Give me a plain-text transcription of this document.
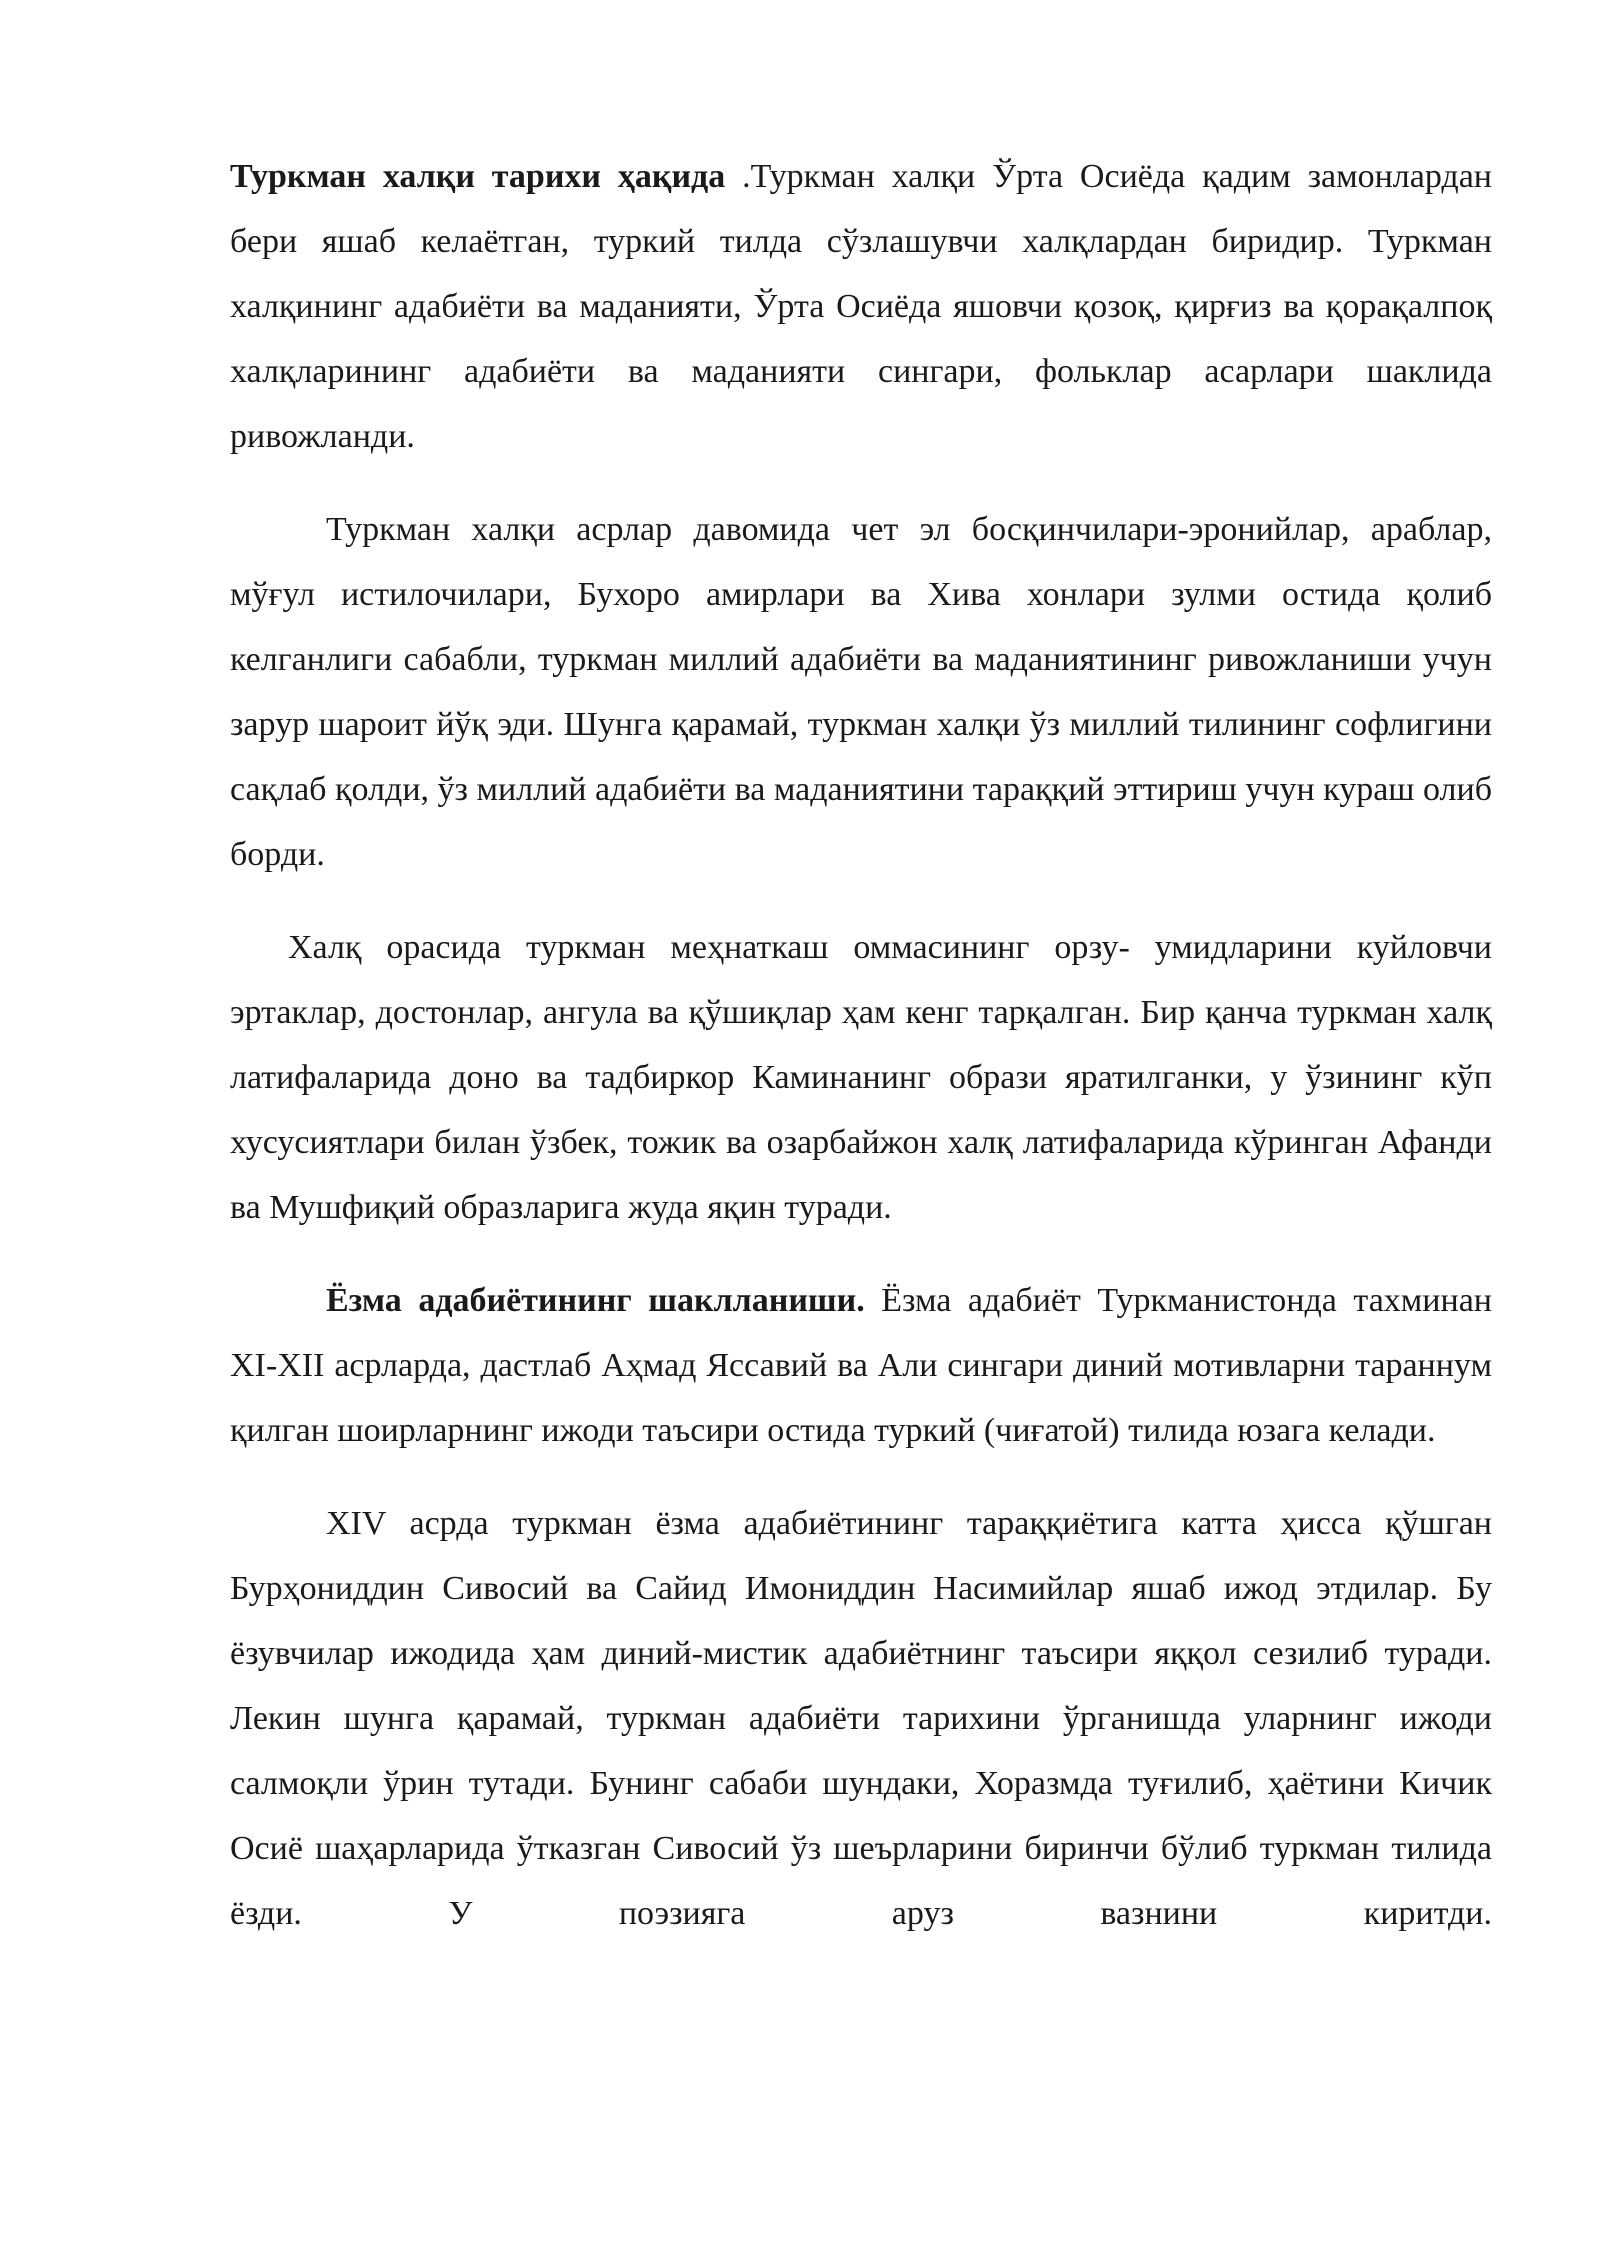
Туркман халқи тарихи ҳақида .Туркман халқи Ўрта Осиёда қадим замонлардан бери яшаб келаётган, туркий тилда сўзлашувчи халқлардан биридир. Туркман халқининг адабиёти ва маданияти, Ўрта Осиёда яшовчи қозоқ, қирғиз ва қорақалпоқ халқларининг адабиёти ва маданияти сингари, фольклар асарлари шаклида ривожланди.

Туркман халқи асрлар давомида чет эл босқинчилари-эронийлар, араблар, мўғул истилочилари, Бухоро амирлари ва Хива хонлари зулми остида қолиб келганлиги сабабли, туркман миллий адабиёти ва маданиятининг ривожланиши учун зарур шароит йўқ эди. Шунга қарамай, туркман халқи ўз миллий тилининг софлигини сақлаб қолди, ўз миллий адабиёти ва маданиятини тараққий эттириш учун кураш олиб борди.

Халқ орасида туркман меҳнаткаш оммасининг орзу- умидларини куйловчи эртаклар, достонлар, ангула ва қўшиқлар ҳам кенг тарқалган. Бир қанча туркман халқ латифаларида доно ва тадбиркор Каминанинг образи яратилганки, у ўзининг кўп хусусиятлари билан ўзбек, тожик ва озарбайжон халқ латифаларида кўринган Афанди ва Мушфиқий образларига жуда яқин туради.

Ёзма адабиётининг шаклланиши. Ёзма адабиёт Туркманистонда тахминан XI-XII асрларда, дастлаб Аҳмад Яссавий ва Али сингари диний мотивларни тараннум қилган шоирларнинг ижоди таъсири остида туркий (чиғатой) тилида юзага келади.

XIV асрда туркман ёзма адабиётининг тараққиётига катта ҳисса қўшган Бурҳониддин Сивосий ва Сайид Имониддин Насимийлар яшаб ижод этдилар. Бу ёзувчилар ижодида ҳам диний-мистик адабиётнинг таъсири яққол сезилиб туради. Лекин шунга қарамай, туркман адабиёти тарихини ўрганишда уларнинг ижоди салмоқли ўрин тутади. Бунинг сабаби шундаки, Хоразмда туғилиб, ҳаётини Кичик Осиё шаҳарларида ўтказган Сивосий ўз шеърларини биринчи бўлиб туркман тилида ёзди. У поэзияга аруз вазнини киритди.
